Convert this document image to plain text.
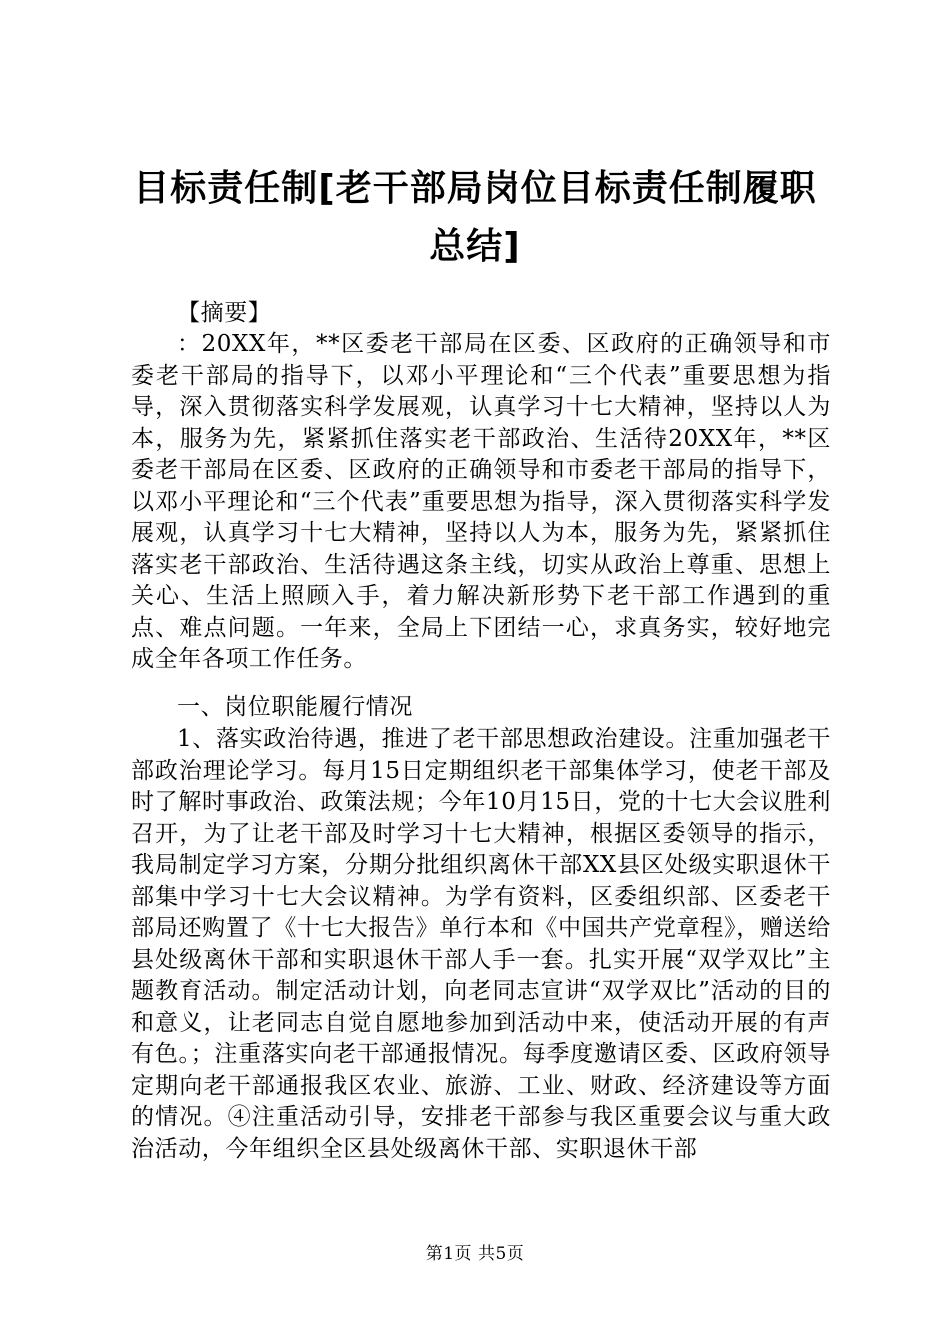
目标责任制[老干部局岗位目标责任制履职总结]

【摘要】

：20XX年，**区委老干部局在区委、区政府的正确领导和市委老干部局的指导下，以邓小平理论和“三个代表”重要思想为指导，深入贯彻落实科学发展观，认真学习十七大精神，坚持以人为本，服务为先，紧紧抓住落实老干部政治、生活待20XX年，**区委老干部局在区委、区政府的正确领导和市委老干部局的指导下，以邓小平理论和“三个代表”重要思想为指导，深入贯彻落实科学发展观，认真学习十七大精神，坚持以人为本，服务为先，紧紧抓住落实老干部政治、生活待遇这条主线，切实从政治上尊重、思想上关心、生活上照顾入手，着力解决新形势下老干部工作遇到的重点、难点问题。一年来，全局上下团结一心，求真务实，较好地完成全年各项工作任务。

一、岗位职能履行情况

1、落实政治待遇，推进了老干部思想政治建设。注重加强老干部政治理论学习。每月15日定期组织老干部集体学习，使老干部及时了解时事政治、政策法规；今年10月15日，党的十七大会议胜利召开，为了让老干部及时学习十七大精神，根据区委领导的指示，我局制定学习方案，分期分批组织离休干部XX县区处级实职退休干部集中学习十七大会议精神。为学有资料，区委组织部、区委老干部局还购置了《十七大报告》单行本和《中国共产党章程》，赠送给县处级离休干部和实职退休干部人手一套。扎实开展“双学双比”主题教育活动。制定活动计划，向老同志宣讲“双学双比”活动的目的和意义，让老同志自觉自愿地参加到活动中来，使活动开展的有声有色。；注重落实向老干部通报情况。每季度邀请区委、区政府领导定期向老干部通报我区农业、旅游、工业、财政、经济建设等方面的情况。④注重活动引导，安排老干部参与我区重要会议与重大政治活动，今年组织全区县处级离休干部、实职退休干部

第1页 共5页
